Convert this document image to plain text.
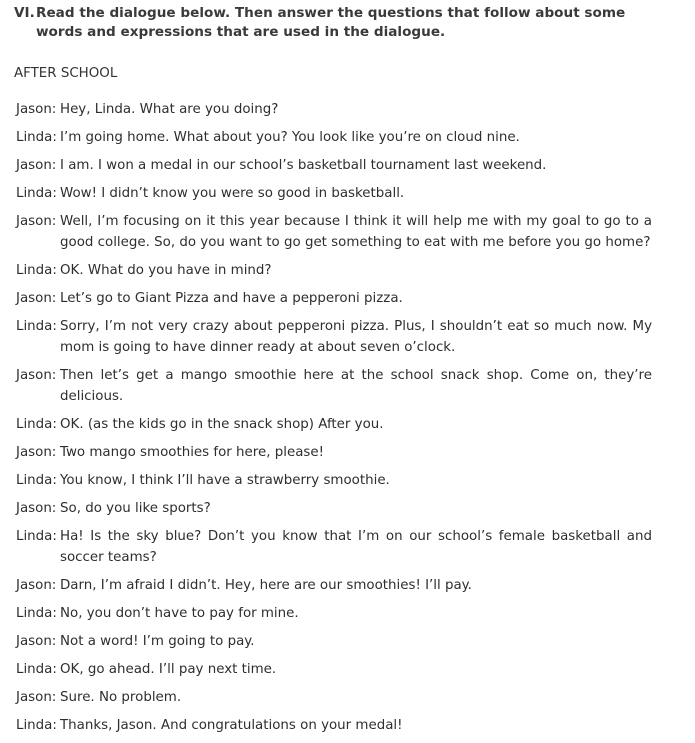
VI. Read the dialogue below. Then answer the questions that follow about some words and expressions that are used in the dialogue.
AFTER SCHOOL
Jason: Hey, Linda. What are you doing?
Linda: I’m going home. What about you? You look like you’re on cloud nine.
Jason: I am. I won a medal in our school’s basketball tournament last weekend.
Linda: Wow! I didn’t know you were so good in basketball.
Jason: Well, I’m focusing on it this year because I think it will help me with my goal to go to a good college. So, do you want to go get something to eat with me before you go home?
Linda: OK. What do you have in mind?
Jason: Let’s go to Giant Pizza and have a pepperoni pizza.
Linda: Sorry, I’m not very crazy about pepperoni pizza. Plus, I shouldn’t eat so much now. My mom is going to have dinner ready at about seven o’clock.
Jason: Then let’s get a mango smoothie here at the school snack shop. Come on, they’re delicious.
Linda: OK. (as the kids go in the snack shop) After you.
Jason: Two mango smoothies for here, please!
Linda: You know, I think I’ll have a strawberry smoothie.
Jason: So, do you like sports?
Linda: Ha! Is the sky blue? Don’t you know that I’m on our school’s female basketball and soccer teams?
Jason: Darn, I’m afraid I didn’t. Hey, here are our smoothies! I’ll pay.
Linda: No, you don’t have to pay for mine.
Jason: Not a word! I’m going to pay.
Linda: OK, go ahead. I’ll pay next time.
Jason: Sure. No problem.
Linda: Thanks, Jason. And congratulations on your medal!
